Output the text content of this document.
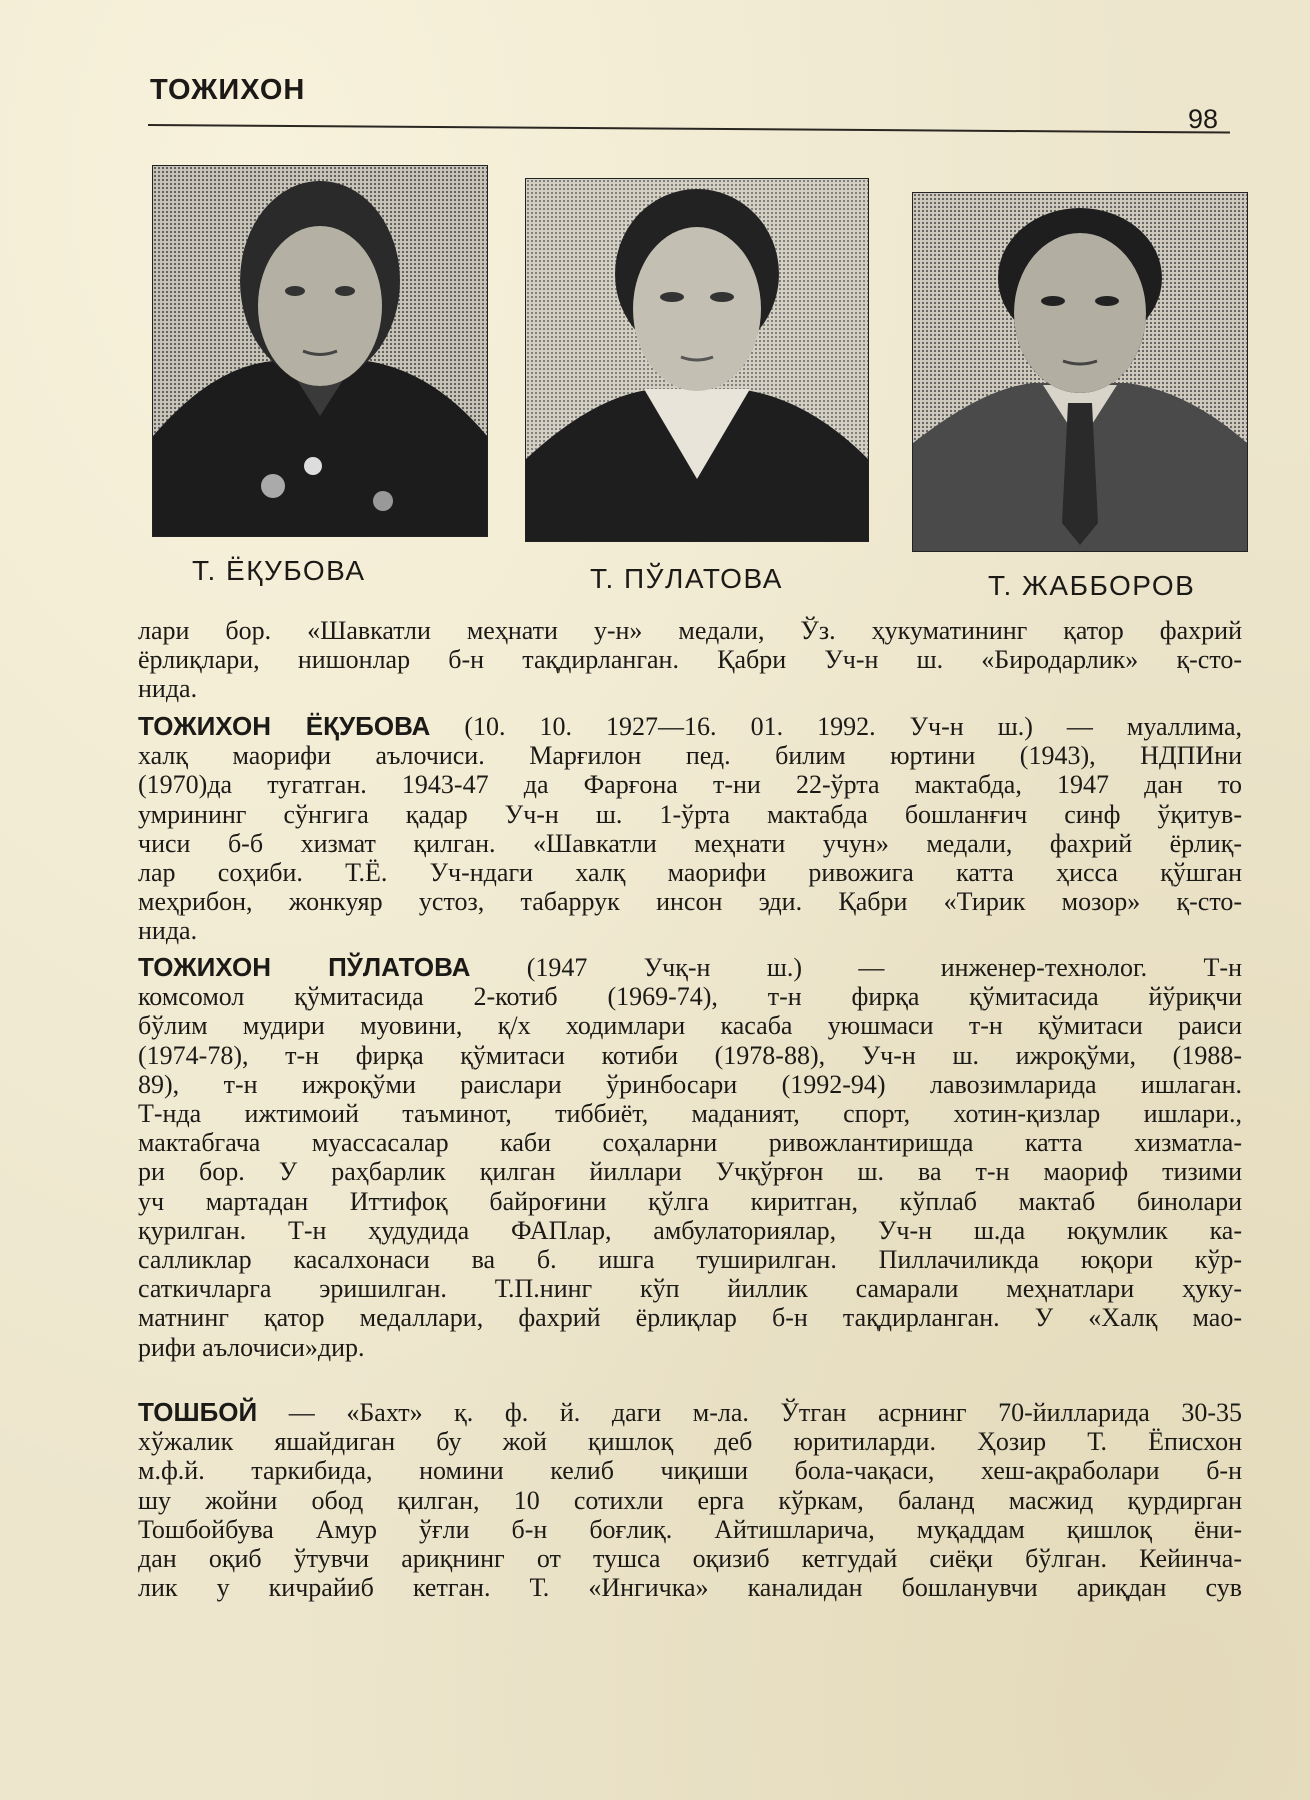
ТОЖИХОН
98
Т. ЁҚУБОВА	Т. ПЎЛАТОВА	Т. ЖАББОРОВ
лари бор. «Шавкатли меҳнати у-н» медали, Ўз. ҳукуматининг қатор фахрий
ёрлиқлари, нишонлар б-н тақдирланган. Қабри Уч-н ш. «Биродарлик» қ-сто-
нида.
ТОЖИХОН ЁҚУБОВА (10. 10. 1927—16. 01. 1992. Уч-н ш.) — муаллима,
халқ маорифи аълочиси. Марғилон пед. билим юртини (1943), НДПИни
(1970)да тугатган. 1943-47 да Фарғона т-ни 22-ўрта мактабда, 1947 дан то
умрининг сўнгига қадар Уч-н ш. 1-ўрта мактабда бошланғич синф ўқитув-
чиси б-б хизмат қилган. «Шавкатли меҳнати учун» медали, фахрий ёрлиқ-
лар соҳиби. Т.Ё. Уч-ндаги халқ маорифи ривожига катта ҳисса қўшган
меҳрибон, жонкуяр устоз, табаррук инсон эди. Қабри «Тирик мозор» қ-сто-
нида.
ТОЖИХОН ПЎЛАТОВА (1947 Учқ-н ш.) — инженер-технолог. Т-н
комсомол қўмитасида 2-котиб (1969-74), т-н фирқа қўмитасида йўриқчи
бўлим мудири муовини, қ/х ходимлари касаба уюшмаси т-н қўмитаси раиси
(1974-78), т-н фирқа қўмитаси котиби (1978-88), Уч-н ш. ижроқўми, (1988-
89), т-н ижроқўми раислари ўринбосари (1992-94) лавозимларида ишлаган.
Т-нда ижтимоий таъминот, тиббиёт, маданият, спорт, хотин-қизлар ишлари.,
мактабгача муассасалар каби соҳаларни ривожлантиришда катта хизматла-
ри бор. У раҳбарлик қилган йиллари Учқўрғон ш. ва т-н маориф тизими
уч мартадан Иттифоқ байроғини қўлга киритган, кўплаб мактаб бинолари
қурилган. Т-н ҳудудида ФАПлар, амбулаториялар, Уч-н ш.да юқумлик ка-
салликлар касалхонаси ва б. ишга туширилган. Пиллачиликда юқори кўр-
саткичларга эришилган. Т.П.нинг кўп йиллик самарали меҳнатлари ҳуку-
матнинг қатор медаллари, фахрий ёрлиқлар б-н тақдирланган. У «Халқ мао-
рифи аълочиси»дир.
ТОШБОЙ — «Бахт» қ. ф. й. даги м-ла. Ўтган асрнинг 70-йилларида 30-35
хўжалик яшайдиган бу жой қишлоқ деб юритиларди. Ҳозир Т. Ёписхон
м.ф.й. таркибида, номини келиб чиқиши бола-чақаси, хеш-ақраболари б-н
шу жойни обод қилган, 10 сотихли ерга кўркам, баланд масжид қурдирган
Тошбойбува Амур ўғли б-н боғлиқ. Айтишларича, муқаддам қишлоқ ёни-
дан оқиб ўтувчи ариқнинг от тушса оқизиб кетгудай сиёқи бўлган. Кейинча-
лик у кичрайиб кетган. Т. «Ингичка» каналидан бошланувчи ариқдан сув
